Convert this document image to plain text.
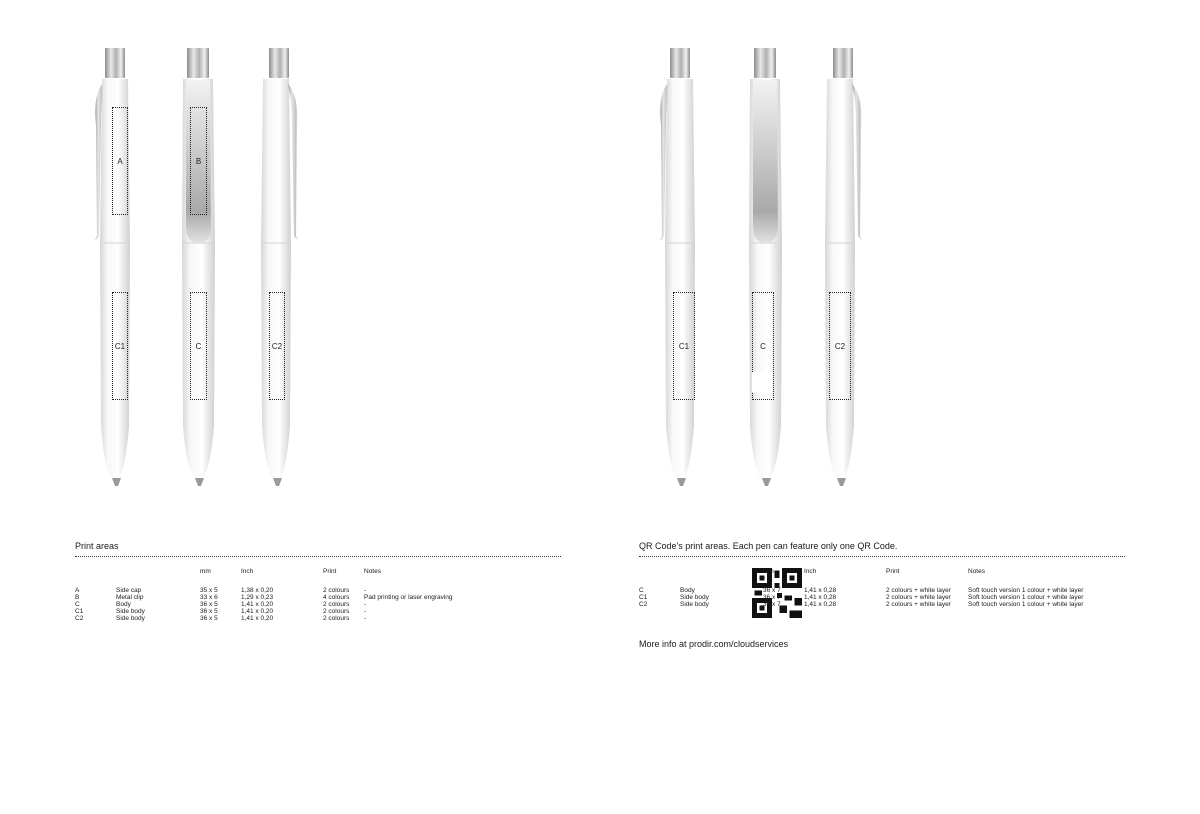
A
C1
B
C	C2
Print areas
		mm	Inch	Print	Notes
A	Side cap	35 x 5	1,38 x 0,20	2 colours	-
B	Metal clip	33 x 6	1,29 x 0,23	4 colours	Pad printing or laser engraving
C	Body	36 x 5	1,41 x 0,20	2 colours	-
C1	Side body	36 x 5	1,41 x 0,20	2 colours	-
C2	Side body	36 x 5	1,41 x 0,20	2 colours	-
C1	C	C2
QR Code's print areas. Each pen can feature only one QR Code.
		mm	Inch	Print	Notes
C	Body	36 x 7	1,41 x 0,28	2 colours + white layer	Soft touch version 1 colour + white layer
C1	Side body	36 x 7	1,41 x 0,28	2 colours + white layer	Soft touch version 1 colour + white layer
C2	Side body	36 x 7	1,41 x 0,28	2 colours + white layer	Soft touch version 1 colour + white layer
More info at prodir.com/cloudservices
